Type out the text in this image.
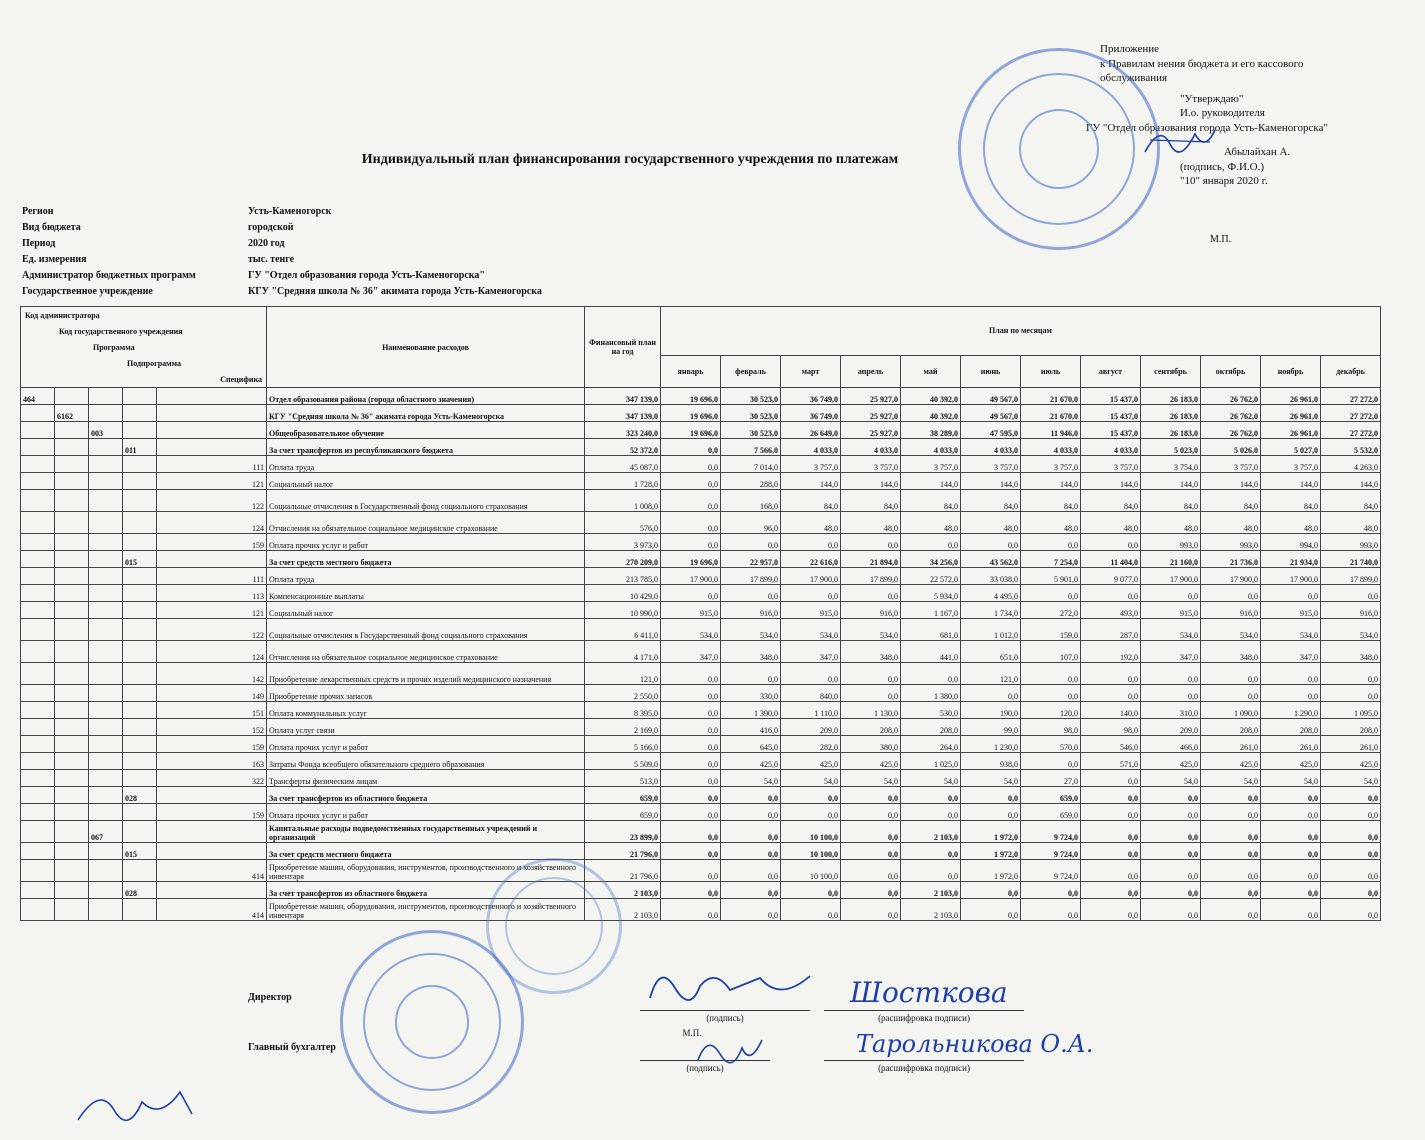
Приложение
к Правилам нения бюджета и его кассового
обслуживания
"Утверждаю"
И.о. руководителя
ГУ "Отдел образования города Усть-Каменогорска"
Абылайхан А.
(подпись, Ф.И.О.)
"10" января 2020 г.
М.П.
Индивидуальный план финансирования государственного учреждения по платежам
Регион	Усть-Каменогорск
Вид бюджета	городской
Период	2020 год
Ед. измерения	тыс. тенге
Администратор бюджетных программ	ГУ "Отдел образования города Усть-Каменогорска"
Государственное учреждение	КГУ "Средняя школа № 36" акимата города Усть-Каменогорска
Код администратора					Наименование расходов	Финансовый план на год	План по месяцам											
Код государственного учреждения																		
Программа																		
Подпрограмма							январь	февраль	март	апрель	май	июнь	июль	август	сентябрь	октябрь	ноябрь	декабрь
Специфика																		
464					Отдел образования района (города областного значения)	347 139,0	19 696,0	30 523,0	36 749,0	25 927,0	40 392,0	49 567,0	21 670,0	15 437,0	26 183,0	26 762,0	26 961,0	27 272,0
	6162				КГУ "Средняя школа № 36" акимата города Усть-Каменогорска	347 139,0	19 696,0	30 523,0	36 749,0	25 927,0	40 392,0	49 567,0	21 670,0	15 437,0	26 183,0	26 762,0	26 961,0	27 272,0
		003			Общеобразовательное обучение	323 240,0	19 696,0	30 523,0	26 649,0	25 927,0	38 289,0	47 595,0	11 946,0	15 437,0	26 183,0	26 762,0	26 961,0	27 272,0
			011		За счет трансфертов из республиканского бюджета	52 372,0	0,0	7 566,0	4 033,0	4 033,0	4 033,0	4 033,0	4 033,0	4 033,0	5 023,0	5 026,0	5 027,0	5 532,0
				111	Оплата труда	45 087,0	0,0	7 014,0	3 757,0	3 757,0	3 757,0	3 757,0	3 757,0	3 757,0	3 754,0	3 757,0	3 757,0	4 263,0
				121	Социальный налог	1 728,0	0,0	288,0	144,0	144,0	144,0	144,0	144,0	144,0	144,0	144,0	144,0	144,0
				122	Социальные отчисления в Государственный фонд социального страхования	1 008,0	0,0	168,0	84,0	84,0	84,0	84,0	84,0	84,0	84,0	84,0	84,0	84,0
				124	Отчисления на обязательное социальное медицинское страхование	576,0	0,0	96,0	48,0	48,0	48,0	48,0	48,0	48,0	48,0	48,0	48,0	48,0
				159	Оплата прочих услуг и работ	3 973,0	0,0	0,0	0,0	0,0	0,0	0,0	0,0	0,0	993,0	993,0	994,0	993,0
			015		За счет средств местного бюджета	270 209,0	19 696,0	22 957,0	22 616,0	21 894,0	34 256,0	43 562,0	7 254,0	11 404,0	21 160,0	21 736,0	21 934,0	21 740,0
				111	Оплата труда	213 785,0	17 900,0	17 899,0	17 900,0	17 899,0	22 572,0	33 038,0	5 901,0	9 077,0	17 900,0	17 900,0	17 900,0	17 899,0
				113	Компенсационные выплаты	10 429,0	0,0	0,0	0,0	0,0	5 934,0	4 495,0	0,0	0,0	0,0	0,0	0,0	0,0
				121	Социальный налог	10 990,0	915,0	916,0	915,0	916,0	1 167,0	1 734,0	272,0	493,0	915,0	916,0	915,0	916,0
				122	Социальные отчисления в Государственный фонд социального страхования	6 411,0	534,0	534,0	534,0	534,0	681,0	1 012,0	159,0	287,0	534,0	534,0	534,0	534,0
				124	Отчисления на обязательное социальное медицинское страхование	4 171,0	347,0	348,0	347,0	348,0	441,0	651,0	107,0	192,0	347,0	348,0	347,0	348,0
				142	Приобретение лекарственных средств и прочих изделий медицинского назначения	121,0	0,0	0,0	0,0	0,0	0,0	121,0	0,0	0,0	0,0	0,0	0,0	0,0
				149	Приобретение прочих запасов	2 550,0	0,0	330,0	840,0	0,0	1 380,0	0,0	0,0	0,0	0,0	0,0	0,0	0,0
				151	Оплата коммунальных услуг	8 395,0	0,0	1 390,0	1 110,0	1 130,0	530,0	190,0	120,0	140,0	310,0	1 090,0	1 290,0	1 095,0
				152	Оплата услуг связи	2 169,0	0,0	416,0	209,0	208,0	208,0	99,0	98,0	98,0	209,0	208,0	208,0	208,0
				159	Оплата прочих услуг и работ	5 166,0	0,0	645,0	282,0	380,0	264,0	1 230,0	570,0	546,0	466,0	261,0	261,0	261,0
				163	Затраты Фонда всеобщего обязательного среднего образования	5 509,0	0,0	425,0	425,0	425,0	1 025,0	938,0	0,0	571,0	425,0	425,0	425,0	425,0
				322	Трансферты физическим лицам	513,0	0,0	54,0	54,0	54,0	54,0	54,0	27,0	0,0	54,0	54,0	54,0	54,0
			028		За счет трансфертов из областного бюджета	659,0	0,0	0,0	0,0	0,0	0,0	0,0	659,0	0,0	0,0	0,0	0,0	0,0
				159	Оплата прочих услуг и работ	659,0	0,0	0,0	0,0	0,0	0,0	0,0	659,0	0,0	0,0	0,0	0,0	0,0
		067			Капитальные расходы подведомственных государственных учреждений и организаций	23 899,0	0,0	0,0	10 100,0	0,0	2 103,0	1 972,0	9 724,0	0,0	0,0	0,0	0,0	0,0
			015		За счет средств местного бюджета	21 796,0	0,0	0,0	10 100,0	0,0	0,0	1 972,0	9 724,0	0,0	0,0	0,0	0,0	0,0
				414	Приобретение машин, оборудования, инструментов, производственного и хозяйственного инвентаря	21 796,0	0,0	0,0	10 100,0	0,0	0,0	1 972,0	9 724,0	0,0	0,0	0,0	0,0	0,0
			028		За счет трансфертов из областного бюджета	2 103,0	0,0	0,0	0,0	0,0	2 103,0	0,0	0,0	0,0	0,0	0,0	0,0	0,0
				414	Приобретение машин, оборудования, инструментов, производственного и хозяйственного инвентаря	2 103,0	0,0	0,0	0,0	0,0	2 103,0	0,0	0,0	0,0	0,0	0,0	0,0	0,0
Директор
(подпись)	(расшифровка подписи)
Шосткова
М.П.
Главный бухгалтер
(подпись)	(расшифровка подписи)
Тарольникова О.А.
